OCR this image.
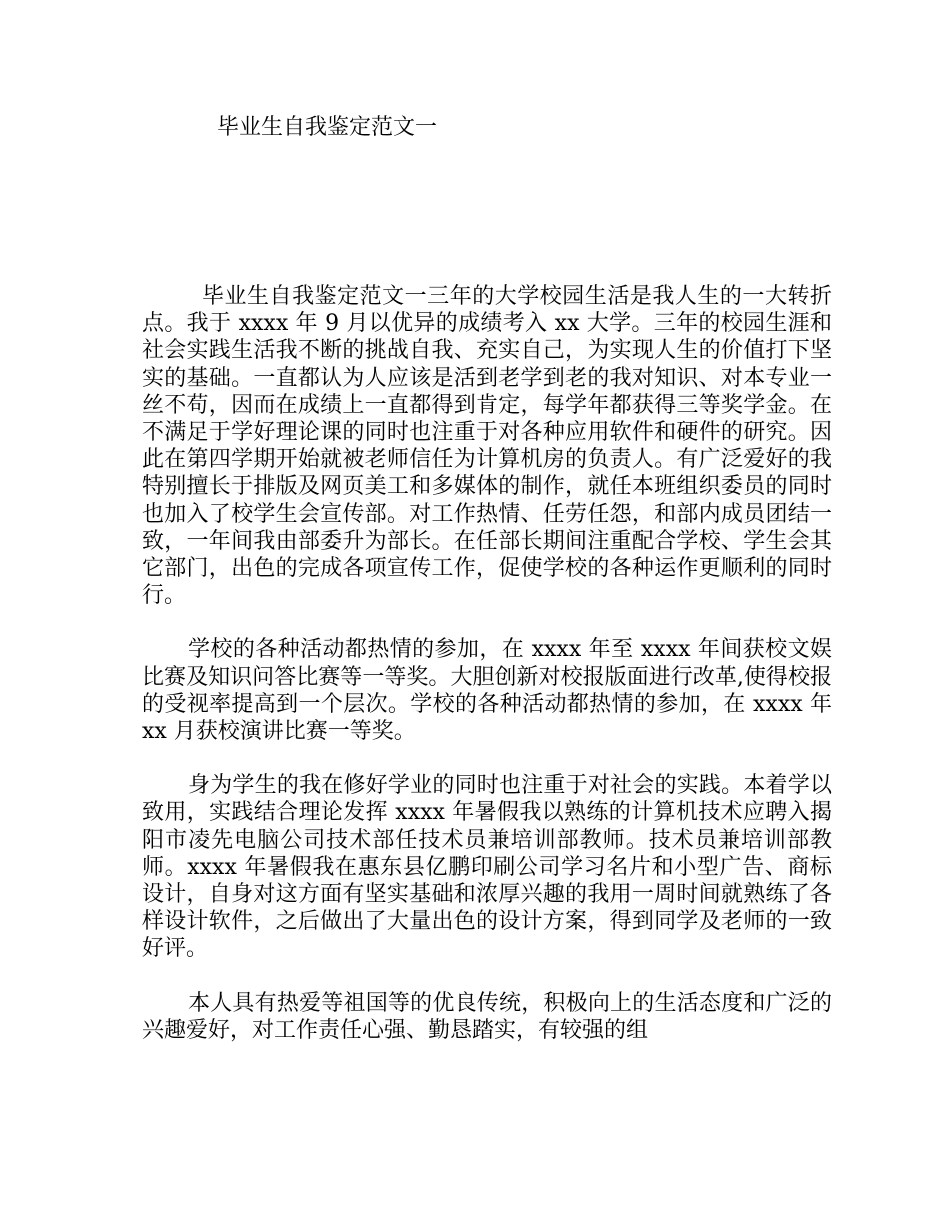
毕业生自我鉴定范文一

毕业生自我鉴定范文一三年的大学校园生活是我人生的一大转折点。我于 xxxx 年 9 月以优异的成绩考入 xx 大学。三年的校园生涯和社会实践生活我不断的挑战自我、充实自己，为实现人生的价值打下坚实的基础。一直都认为人应该是活到老学到老的我对知识、对本专业一丝不苟，因而在成绩上一直都得到肯定，每学年都获得三等奖学金。在不满足于学好理论课的同时也注重于对各种应用软件和硬件的研究。因此在第四学期开始就被老师信任为计算机房的负责人。有广泛爱好的我特别擅长于排版及网页美工和多媒体的制作，就任本班组织委员的同时也加入了校学生会宣传部。对工作热情、任劳任怨，和部内成员团结一致，一年间我由部委升为部长。在任部长期间注重配合学校、学生会其它部门，出色的完成各项宣传工作，促使学校的各种运作更顺利的同时行。

学校的各种活动都热情的参加，在 xxxx 年至 xxxx 年间获校文娱比赛及知识问答比赛等一等奖。大胆创新对校报版面进行改革,使得校报的受视率提高到一个层次。学校的各种活动都热情的参加，在 xxxx 年 xx 月获校演讲比赛一等奖。

身为学生的我在修好学业的同时也注重于对社会的实践。本着学以致用，实践结合理论发挥 xxxx 年暑假我以熟练的计算机技术应聘入揭阳市凌先电脑公司技术部任技术员兼培训部教师。技术员兼培训部教师。xxxx 年暑假我在惠东县亿鹏印刷公司学习名片和小型广告、商标设计，自身对这方面有坚实基础和浓厚兴趣的我用一周时间就熟练了各样设计软件，之后做出了大量出色的设计方案，得到同学及老师的一致好评。

本人具有热爱等祖国等的优良传统，积极向上的生活态度和广泛的兴趣爱好，对工作责任心强、勤恳踏实，有较强的组
